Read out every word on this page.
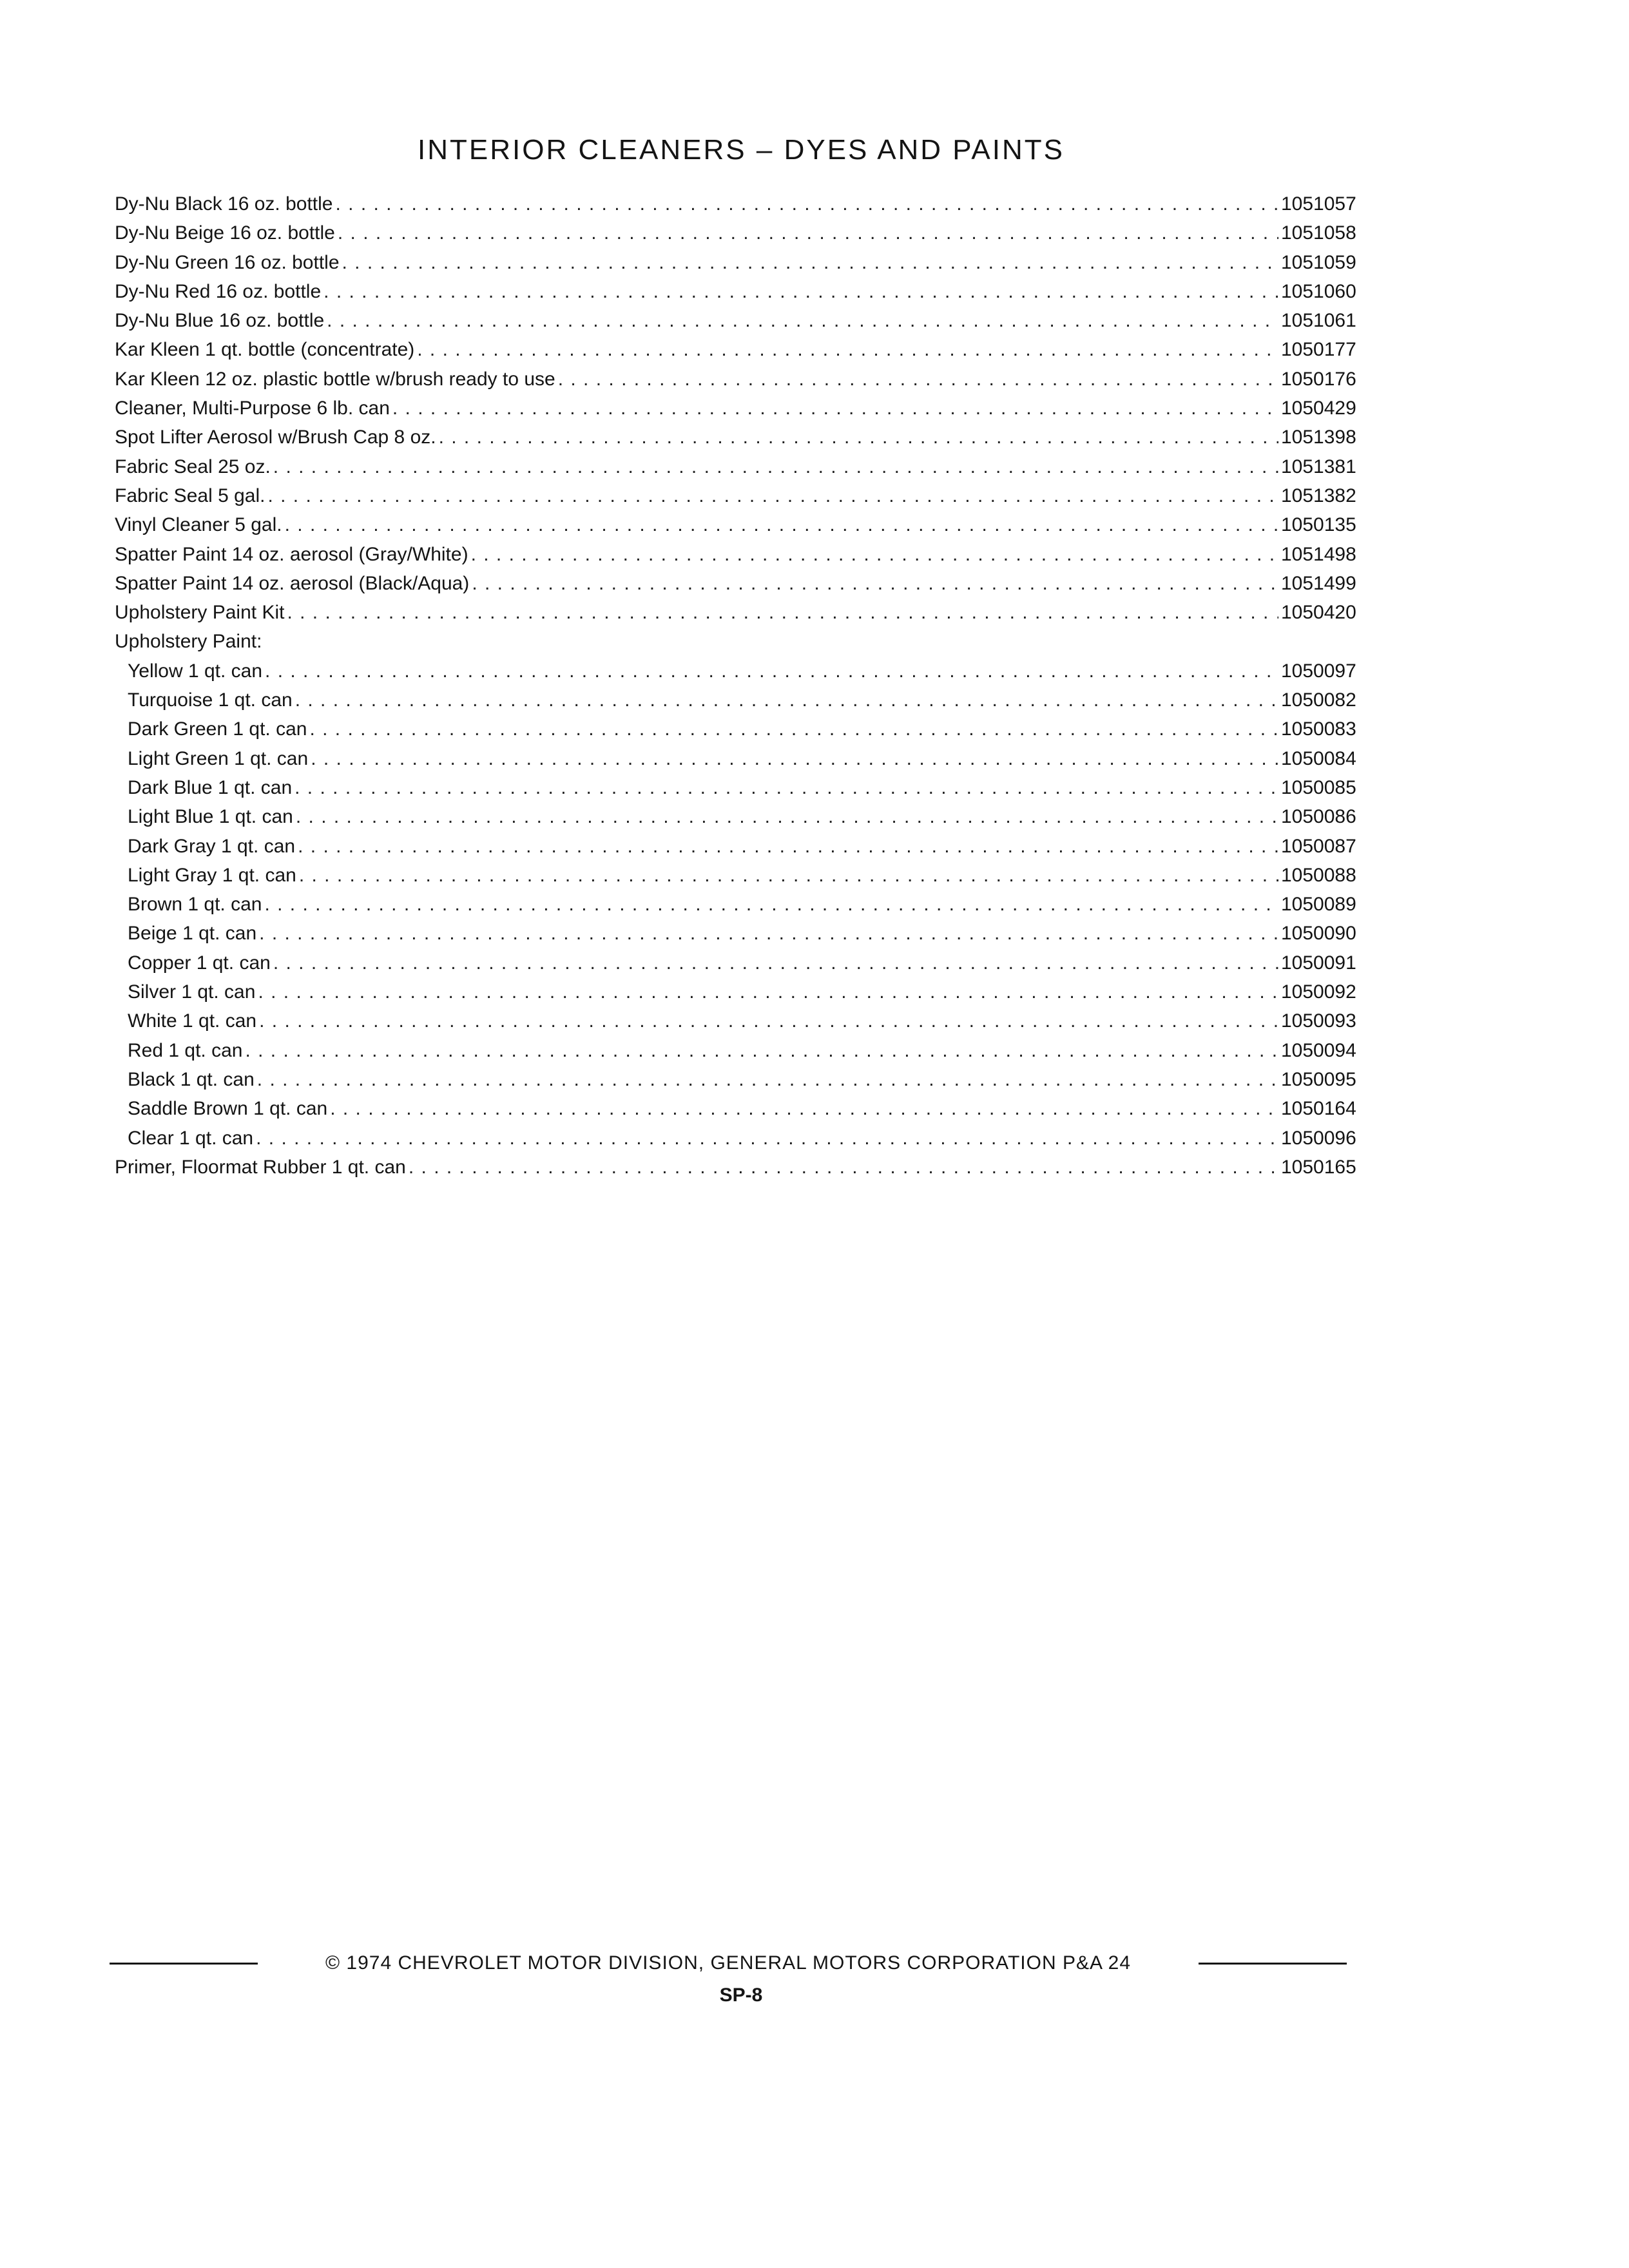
INTERIOR CLEANERS – DYES AND PAINTS
Dy-Nu Black 16 oz. bottle . . .	1051057
Dy-Nu Beige 16 oz. bottle . . .	1051058
Dy-Nu Green 16 oz. bottle . . .	1051059
Dy-Nu Red 16 oz. bottle . . .	1051060
Dy-Nu Blue 16 oz. bottle . . .	1051061
Kar Kleen 1 qt. bottle (concentrate) . . .	1050177
Kar Kleen 12 oz. plastic bottle w/brush ready to use . . .	1050176
Cleaner, Multi-Purpose 6 lb. can . . .	1050429
Spot Lifter Aerosol w/Brush Cap 8 oz. . . .	1051398
Fabric Seal 25 oz. . . .	1051381
Fabric Seal 5 gal. . . .	1051382
Vinyl Cleaner 5 gal. . . .	1050135
Spatter Paint 14 oz. aerosol (Gray/White) . . .	1051498
Spatter Paint 14 oz. aerosol (Black/Aqua) . . .	1051499
Upholstery Paint Kit . . .	1050420
Upholstery Paint:
Yellow 1 qt. can . . .	1050097
Turquoise 1 qt. can . . .	1050082
Dark Green 1 qt. can . . .	1050083
Light Green 1 qt. can . . .	1050084
Dark Blue 1 qt. can . . .	1050085
Light Blue 1 qt. can . . .	1050086
Dark Gray 1 qt. can . . .	1050087
Light Gray 1 qt. can . . .	1050088
Brown 1 qt. can . . .	1050089
Beige 1 qt. can . . .	1050090
Copper 1 qt. can . . .	1050091
Silver 1 qt. can . . .	1050092
White 1 qt. can . . .	1050093
Red 1 qt. can . . .	1050094
Black 1 qt. can . . .	1050095
Saddle Brown 1 qt. can . . .	1050164
Clear 1 qt. can . . .	1050096
Primer, Floormat Rubber 1 qt. can . . .	1050165
© 1974 CHEVROLET MOTOR DIVISION, GENERAL MOTORS CORPORATION P&A 24
SP-8
